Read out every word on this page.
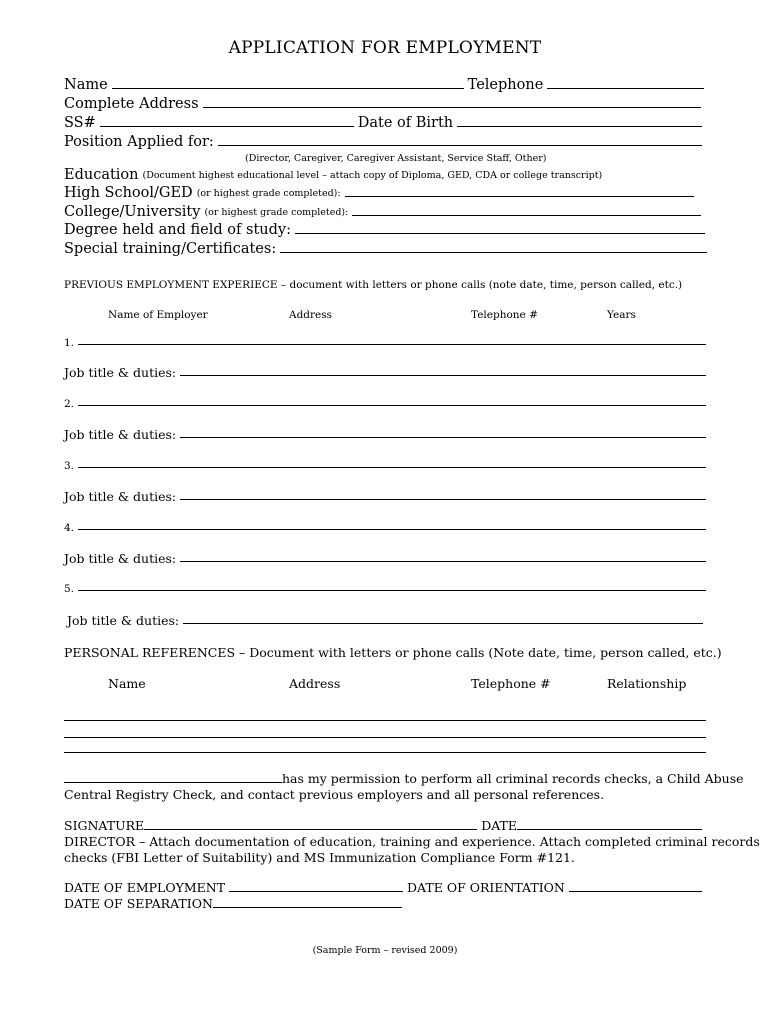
APPLICATION FOR EMPLOYMENT
Name	Telephone
Complete Address
SS#	Date of Birth
Position Applied for:
(Director, Caregiver, Caregiver Assistant, Service Staff, Other)
Education (Document highest educational level – attach copy of Diploma, GED, CDA or college transcript)
High School/GED (or highest grade completed):
College/University (or highest grade completed):
Degree held and field of study:
Special training/Certificates:
PREVIOUS EMPLOYMENT EXPERIECE – document with letters or phone calls (note date, time, person called, etc.)
Name of Employer	Address	Telephone #	Years
1.
Job title & duties:
2.
Job title & duties:
3.
Job title & duties:
4.
Job title & duties:
5.
Job title & duties:
PERSONAL REFERENCES – Document with letters or phone calls (Note date, time, person called, etc.)
Name	Address	Telephone #	Relationship
has my permission to perform all criminal records checks, a Child Abuse
Central Registry Check, and contact previous employers and all personal references.
SIGNATURE	DATE
DIRECTOR – Attach documentation of education, training and experience. Attach completed criminal records
checks (FBI Letter of Suitability) and MS Immunization Compliance Form #121.
DATE OF EMPLOYMENT	DATE OF ORIENTATION
DATE OF SEPARATION
(Sample Form – revised 2009)
